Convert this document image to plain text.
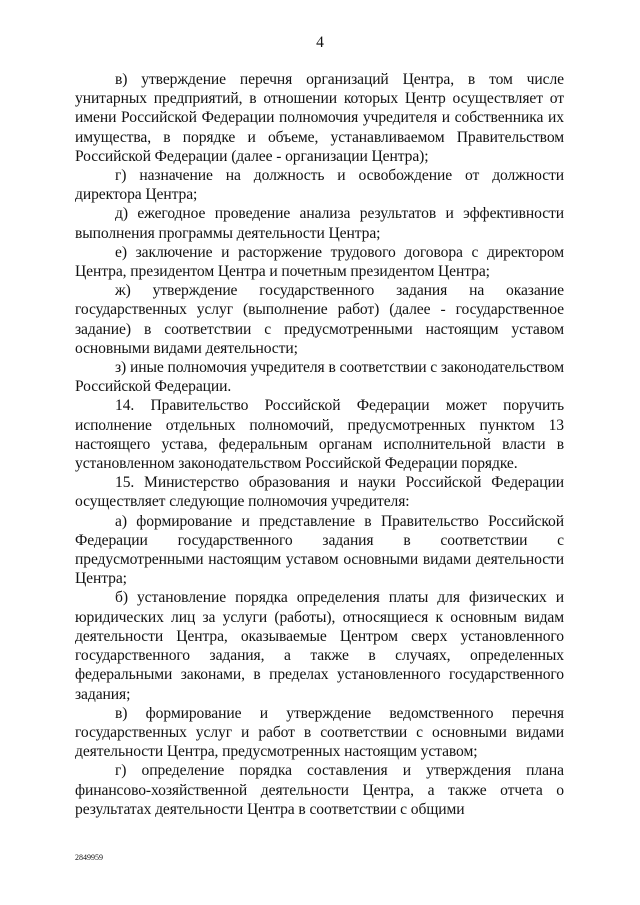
4

в) утверждение перечня организаций Центра, в том числе унитарных предприятий, в отношении которых Центр осуществляет от имени Российской Федерации полномочия учредителя и собственника их имущества, в порядке и объеме, устанавливаемом Правительством Российской Федерации (далее - организации Центра);

г) назначение на должность и освобождение от должности директора Центра;

д) ежегодное проведение анализа результатов и эффективности выполнения программы деятельности Центра;

е) заключение и расторжение трудового договора с директором Центра, президентом Центра и почетным президентом Центра;

ж) утверждение государственного задания на оказание государственных услуг (выполнение работ) (далее - государственное задание) в соответствии с предусмотренными настоящим уставом основными видами деятельности;

з) иные полномочия учредителя в соответствии с законодательством Российской Федерации.

14. Правительство Российской Федерации может поручить исполнение отдельных полномочий, предусмотренных пунктом 13 настоящего устава, федеральным органам исполнительной власти в установленном законодательством Российской Федерации порядке.

15. Министерство образования и науки Российской Федерации осуществляет следующие полномочия учредителя:

а) формирование и представление в Правительство Российской Федерации государственного задания в соответствии с предусмотренными настоящим уставом основными видами деятельности Центра;

б) установление порядка определения платы для физических и юридических лиц за услуги (работы), относящиеся к основным видам деятельности Центра, оказываемые Центром сверх установленного государственного задания, а также в случаях, определенных федеральными законами, в пределах установленного государственного задания;

в) формирование и утверждение ведомственного перечня государственных услуг и работ в соответствии с основными видами деятельности Центра, предусмотренных настоящим уставом;

г) определение порядка составления и утверждения плана финансово-хозяйственной деятельности Центра, а также отчета о результатах деятельности Центра в соответствии с общими

2849959
